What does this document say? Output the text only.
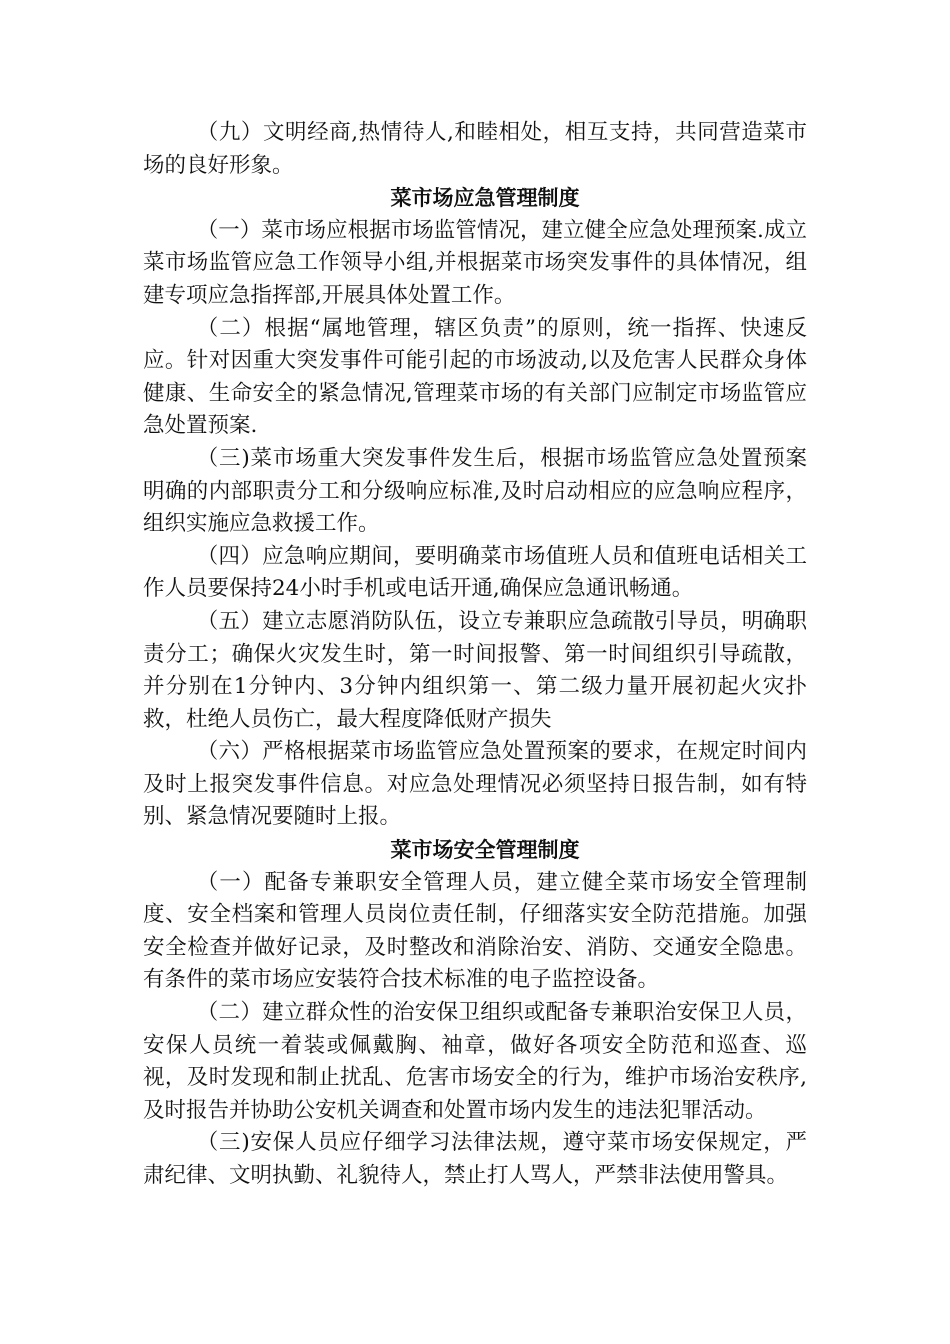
（九）文明经商,热情待人,和睦相处，相互支持，共同营造菜市场的良好形象。

菜市场应急管理制度

（一）菜市场应根据市场监管情况，建立健全应急处理预案.成立菜市场监管应急工作领导小组,并根据菜市场突发事件的具体情况，组建专项应急指挥部,开展具体处置工作。

（二）根据“属地管理，辖区负责”的原则，统一指挥、快速反应。针对因重大突发事件可能引起的市场波动,以及危害人民群众身体健康、生命安全的紧急情况,管理菜市场的有关部门应制定市场监管应急处置预案.

（三)菜市场重大突发事件发生后，根据市场监管应急处置预案明确的内部职责分工和分级响应标准,及时启动相应的应急响应程序，组织实施应急救援工作。

（四）应急响应期间，要明确菜市场值班人员和值班电话相关工作人员要保持24小时手机或电话开通,确保应急通讯畅通。

（五）建立志愿消防队伍，设立专兼职应急疏散引导员，明确职责分工；确保火灾发生时，第一时间报警、第一时间组织引导疏散，并分别在1分钟内、3分钟内组织第一、第二级力量开展初起火灾扑救，杜绝人员伤亡，最大程度降低财产损失

（六）严格根据菜市场监管应急处置预案的要求，在规定时间内及时上报突发事件信息。对应急处理情况必须坚持日报告制，如有特别、紧急情况要随时上报。

菜市场安全管理制度

（一）配备专兼职安全管理人员，建立健全菜市场安全管理制度、安全档案和管理人员岗位责任制，仔细落实安全防范措施。加强安全检查并做好记录，及时整改和消除治安、消防、交通安全隐患。有条件的菜市场应安装符合技术标准的电子监控设备。

（二）建立群众性的治安保卫组织或配备专兼职治安保卫人员，安保人员统一着装或佩戴胸、袖章，做好各项安全防范和巡查、巡视，及时发现和制止扰乱、危害市场安全的行为，维护市场治安秩序,及时报告并协助公安机关调查和处置市场内发生的违法犯罪活动。

（三)安保人员应仔细学习法律法规，遵守菜市场安保规定，严肃纪律、文明执勤、礼貌待人，禁止打人骂人，严禁非法使用警具。
